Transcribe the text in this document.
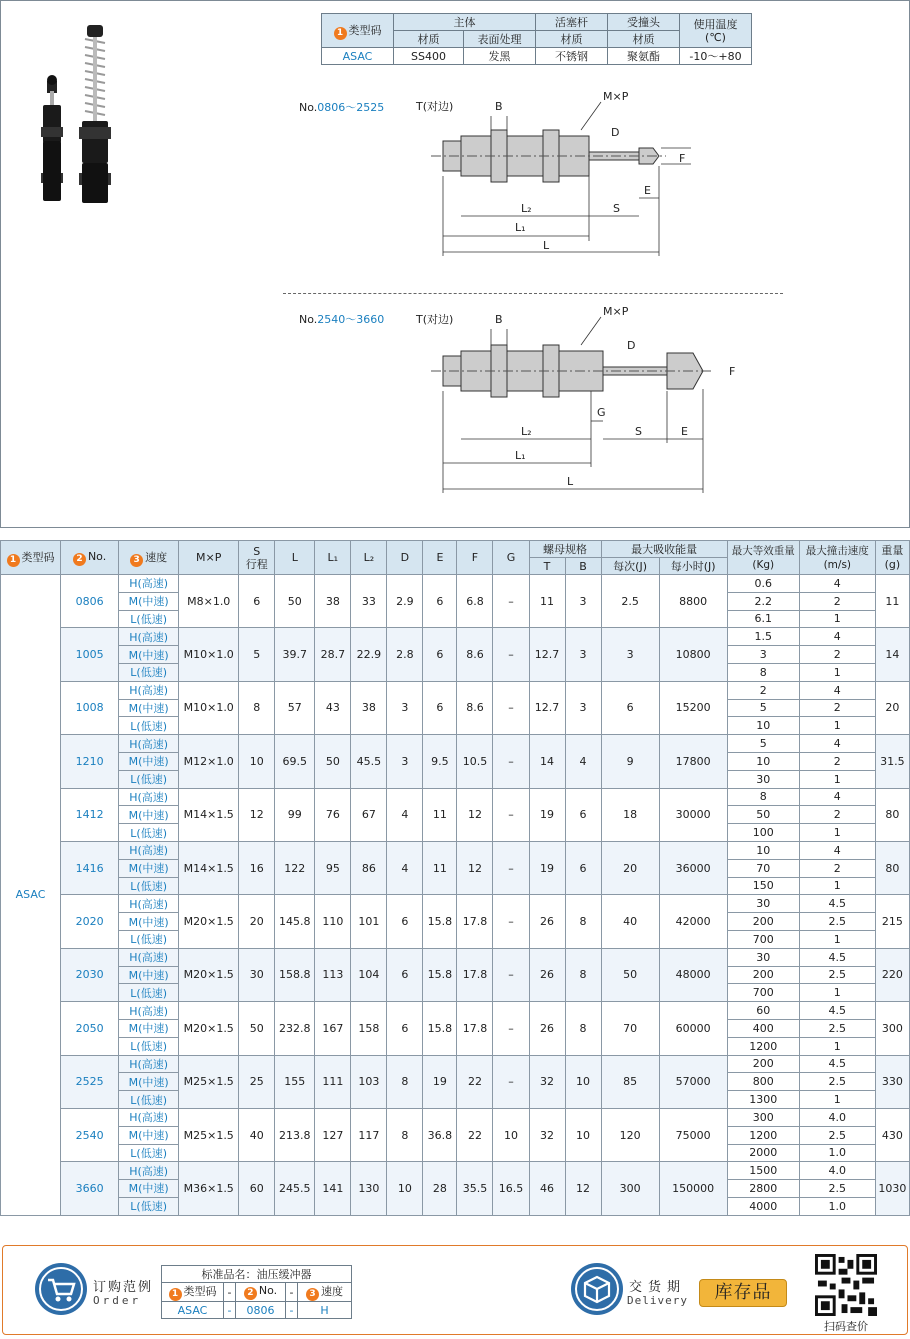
1 类型码	主体		活塞杆	受撞头	使用温度
(℃)
	材质	表面处理	材质	材质	
ASAC	SS400	发黑	不锈钢	聚氨酯	-10～+80
No.0806～2525
No.2540～3660
T(对边)	B
M×P
D
F
E
S
L₂
L₁
L
T(对边)	B
M×P
D
F
G
S	E
L₂
L₁
L
1 类型码	2 No.	3 速度	M×P	S
行程	L	L₁	L₂	D	E	F	G	螺母规格		最大吸收能量		最大等效重量
(Kg)	最大撞击速度
(m/s)	重量
(g)
												T	B	每次(J)	每小时(J)			
ASAC	0806	H(高速)	M8×1.0	6	50	38	33	2.9	6	6.8	–	11	3	2.5	8800	0.6	4	11
		M(中速)														2.2	2	
		L(低速)														6.1	1	
	1005	H(高速)	M10×1.0	5	39.7	28.7	22.9	2.8	6	8.6	–	12.7	3	3	10800	1.5	4	14
		M(中速)														3	2	
		L(低速)														8	1	
	1008	H(高速)	M10×1.0	8	57	43	38	3	6	8.6	–	12.7	3	6	15200	2	4	20
		M(中速)														5	2	
		L(低速)														10	1	
	1210	H(高速)	M12×1.0	10	69.5	50	45.5	3	9.5	10.5	–	14	4	9	17800	5	4	31.5
		M(中速)														10	2	
		L(低速)														30	1	
	1412	H(高速)	M14×1.5	12	99	76	67	4	11	12	–	19	6	18	30000	8	4	80
		M(中速)														50	2	
		L(低速)														100	1	
	1416	H(高速)	M14×1.5	16	122	95	86	4	11	12	–	19	6	20	36000	10	4	80
		M(中速)														70	2	
		L(低速)														150	1	
	2020	H(高速)	M20×1.5	20	145.8	110	101	6	15.8	17.8	–	26	8	40	42000	30	4.5	215
		M(中速)														200	2.5	
		L(低速)														700	1	
	2030	H(高速)	M20×1.5	30	158.8	113	104	6	15.8	17.8	–	26	8	50	48000	30	4.5	220
		M(中速)														200	2.5	
		L(低速)														700	1	
	2050	H(高速)	M20×1.5	50	232.8	167	158	6	15.8	17.8	–	26	8	70	60000	60	4.5	300
		M(中速)														400	2.5	
		L(低速)														1200	1	
	2525	H(高速)	M25×1.5	25	155	111	103	8	19	22	–	32	10	85	57000	200	4.5	330
		M(中速)														800	2.5	
		L(低速)														1300	1	
	2540	H(高速)	M25×1.5	40	213.8	127	117	8	36.8	22	10	32	10	120	75000	300	4.0	430
		M(中速)														1200	2.5	
		L(低速)														2000	1.0	
	3660	H(高速)	M36×1.5	60	245.5	141	130	10	28	35.5	16.5	46	12	300	150000	1500	4.0	1030
		M(中速)														2800	2.5	
		L(低速)														4000	1.0	
订购范例
Order
标准品名：油压缓冲器				
1 类型码	-	2 No.	-	3 速度
ASAC	-	0806	-	H
交货期
Delivery	库存品
扫码查价
